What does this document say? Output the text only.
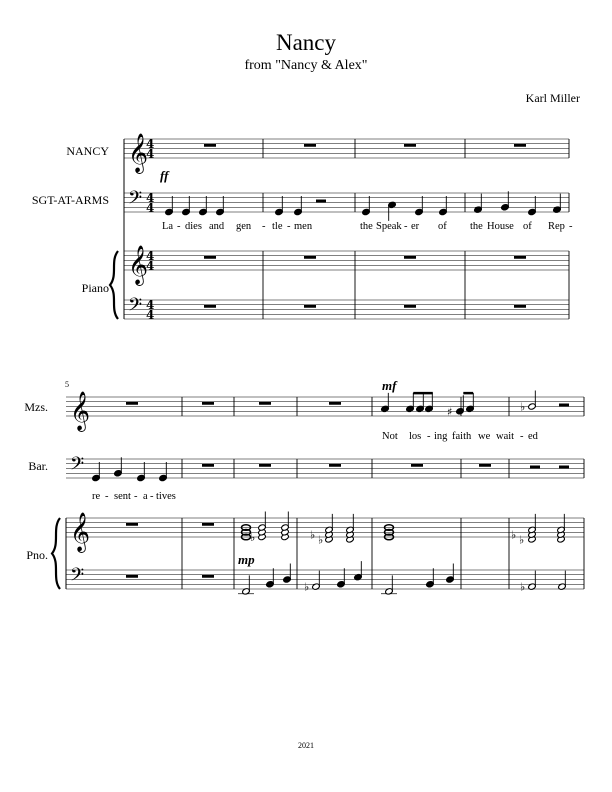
Nancy
from "Nancy & Alex"
Karl Miller
NANCY
SGT-AT-ARMS
Piano
Mzs.
Bar.
Pno.
5
ff
mf
mp
La - dies and gen - tle - men	the Speak - er of the House of Rep -
Not los - ing faith we wait - ed
re - sent - a - tives
2021
𝄞
𝄢
𝄞
𝄢
4
4
4
4
4
4
4
4
𝄞
𝄢
𝄞
𝄢
♯	♭
♭	♭
♭	♭
♭
♭	♭
